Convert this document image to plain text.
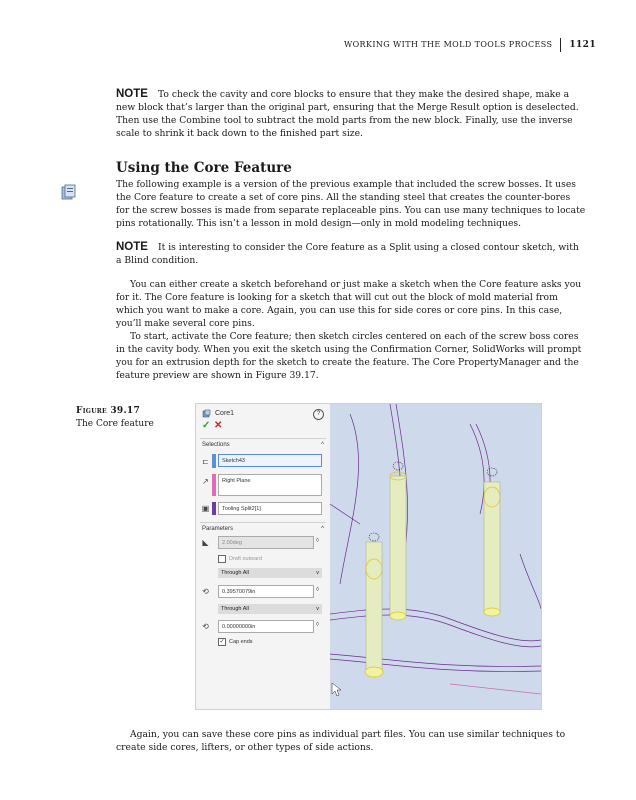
WORKING WITH THE MOLD TOOLS PROCESS	1121
NOTE To check the cavity and core blocks to ensure that they make the desired shape, make a new block that’s larger than the original part, ensuring that the Merge Result option is deselected. Then use the Combine tool to subtract the mold parts from the new block. Finally, use the inverse scale to shrink it back down to the finished part size.
Using the Core Feature

The following example is a version of the previous example that included the screw bosses. It uses the Core feature to create a set of core pins. All the standing steel that creates the counter-bores for the screw bosses is made from separate replaceable pins. You can use many techniques to locate pins rotationally. This isn’t a lesson in mold design—only in mold modeling techniques.

NOTE It is interesting to consider the Core feature as a Split using a closed contour sketch, with a Blind condition.

You can either create a sketch beforehand or just make a sketch when the Core feature asks you for it. The Core feature is looking for a sketch that will cut out the block of mold material from which you want to make a core. Again, you can use this for side cores or core pins. In this case, you’ll make several core pins.

To start, activate the Core feature; then sketch circles centered on each of the screw boss cores in the cavity body. When you exit the sketch using the Confirmation Corner, SolidWorks will prompt you for an extrusion depth for the sketch to create the feature. The Core PropertyManager and the feature preview are shown in Figure 39.17.

Figure 39.17
The Core feature
Core1	?
✓ ✕
Selections	^
⊏	Sketch43
↗	Right Plane
▣	Tooling Split2[1]
Parameters	^
◣	2.00deg	◊
Draft outward
Through All	v
⟲	0.39570079in	◊
Through All	v
⟲	0.00000000in	◊
✓ Cap ends
Again, you can save these core pins as individual part files. You can use similar techniques to create side cores, lifters, or other types of side actions.
